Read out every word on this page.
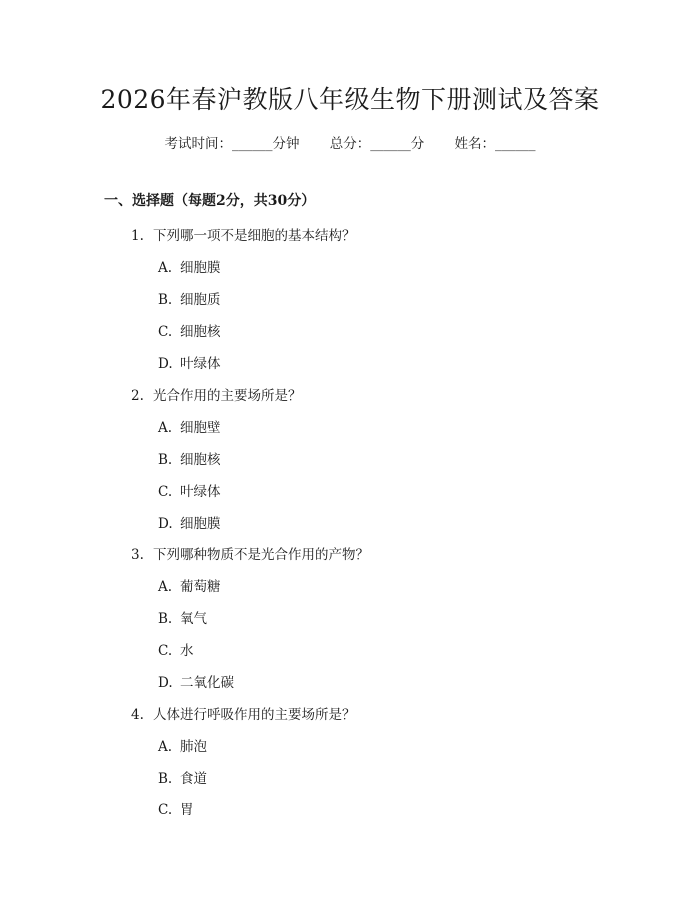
2026年春沪教版八年级生物下册测试及答案
考试时间：______分钟 总分：______分 姓名：______
一、选择题（每题2分，共30分）
1. 下列哪一项不是细胞的基本结构？
A. 细胞膜
B. 细胞质
C. 细胞核
D. 叶绿体
2. 光合作用的主要场所是？
A. 细胞壁
B. 细胞核
C. 叶绿体
D. 细胞膜
3. 下列哪种物质不是光合作用的产物？
A. 葡萄糖
B. 氧气
C. 水
D. 二氧化碳
4. 人体进行呼吸作用的主要场所是？
A. 肺泡
B. 食道
C. 胃
